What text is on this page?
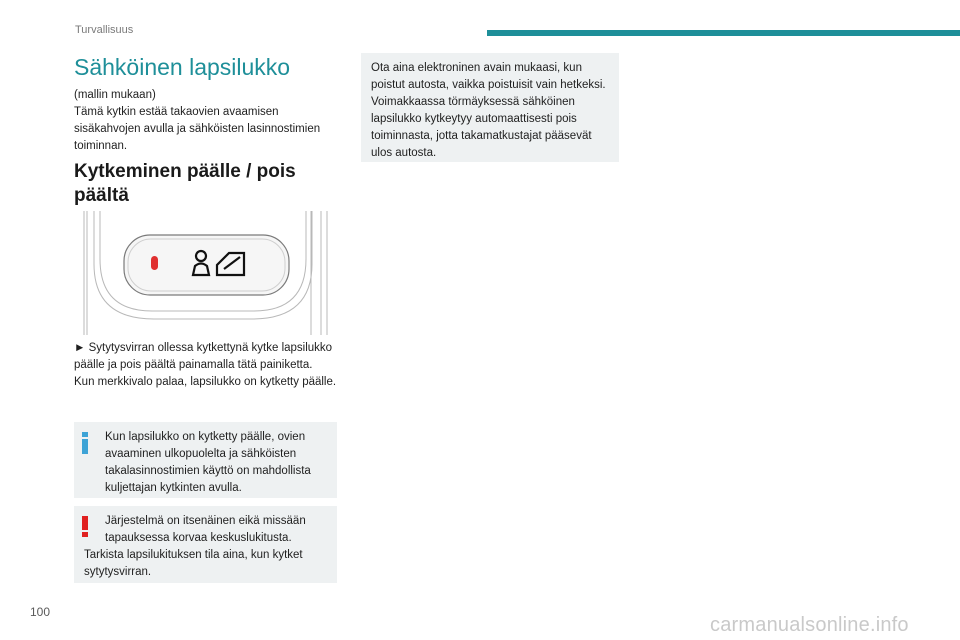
Turvallisuus
Sähköinen lapsilukko
(mallin mukaan)
Tämä kytkin estää takaovien avaamisen sisäkahvojen avulla ja sähköisten lasinnostimien toiminnan.
Kytkeminen päälle / pois päältä
► Sytytysvirran ollessa kytkettynä kytke lapsilukko päälle ja pois päältä painamalla tätä painiketta.
Kun merkkivalo palaa, lapsilukko on kytketty päälle.

Kun lapsilukko on kytketty päälle, ovien avaaminen ulkopuolelta ja sähköisten takalasinnostimien käyttö on mahdollista kuljettajan kytkinten avulla.

Järjestelmä on itsenäinen eikä missään tapauksessa korvaa keskuslukitusta.

Tarkista lapsilukituksen tila aina, kun kytket sytytysvirran.

Ota aina elektroninen avain mukaasi, kun poistut autosta, vaikka poistuisit vain hetkeksi.

Voimakkaassa törmäyksessä sähköinen lapsilukko kytkeytyy automaattisesti pois toiminnasta, jotta takamatkustajat pääsevät ulos autosta.

100
carmanualsonline.info
